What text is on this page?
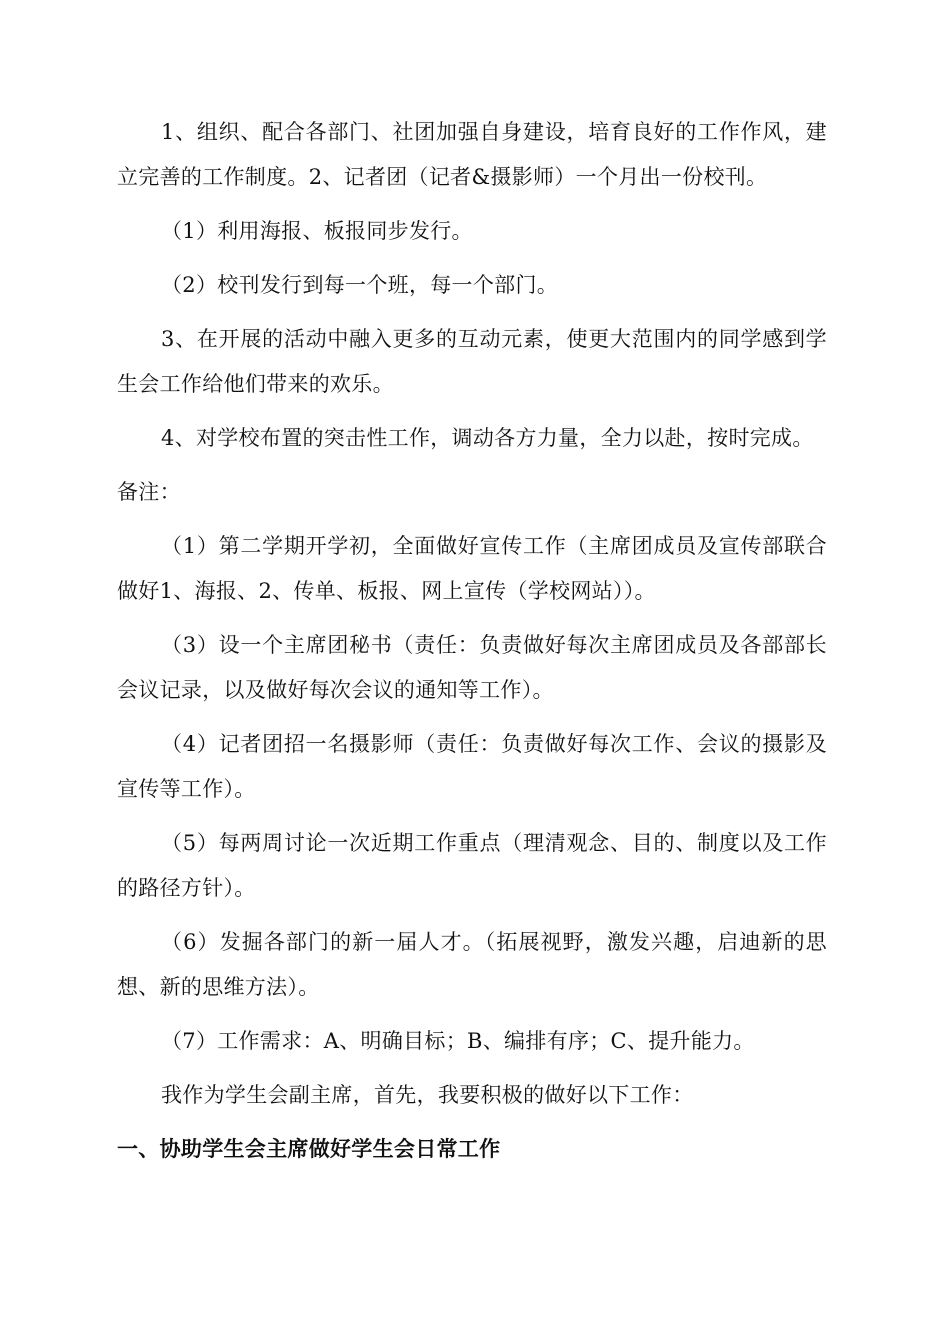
1、组织、配合各部门、社团加强自身建设，培育良好的工作作风，建立完善的工作制度。2、记者团（记者&摄影师）一个月出一份校刊。

（1）利用海报、板报同步发行。

（2）校刊发行到每一个班，每一个部门。

3、在开展的活动中融入更多的互动元素，使更大范围内的同学感到学生会工作给他们带来的欢乐。

4、对学校布置的突击性工作，调动各方力量，全力以赴，按时完成。

备注：

（1）第二学期开学初，全面做好宣传工作（主席团成员及宣传部联合做好1、海报、2、传单、板报、网上宣传（学校网站））。

（3）设一个主席团秘书（责任：负责做好每次主席团成员及各部部长会议记录，以及做好每次会议的通知等工作）。

（4）记者团招一名摄影师（责任：负责做好每次工作、会议的摄影及宣传等工作）。

（5）每两周讨论一次近期工作重点（理清观念、目的、制度以及工作的路径方针）。

（6）发掘各部门的新一届人才。（拓展视野，激发兴趣，启迪新的思想、新的思维方法）。

（7）工作需求：A、明确目标；B、编排有序；C、提升能力。

我作为学生会副主席，首先，我要积极的做好以下工作：

一、协助学生会主席做好学生会日常工作
